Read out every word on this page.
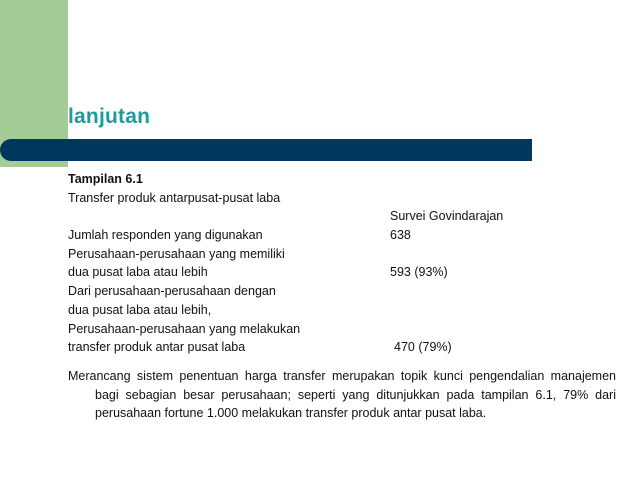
lanjutan
Tampilan 6.1
Transfer produk antarpusat-pusat laba
Survei Govindarajan
Jumlah responden yang digunakan	638
Perusahaan-perusahaan yang memiliki
dua pusat laba atau lebih	593 (93%)
Dari perusahaan-perusahaan dengan
dua pusat laba atau lebih,
Perusahaan-perusahaan yang melakukan
transfer produk antar pusat laba	470 (79%)

Merancang sistem penentuan harga transfer merupakan topik kunci pengendalian manajemen bagi sebagian besar perusahaan; seperti yang ditunjukkan pada tampilan 6.1, 79% dari perusahaan fortune 1.000 melakukan transfer produk antar pusat laba.
